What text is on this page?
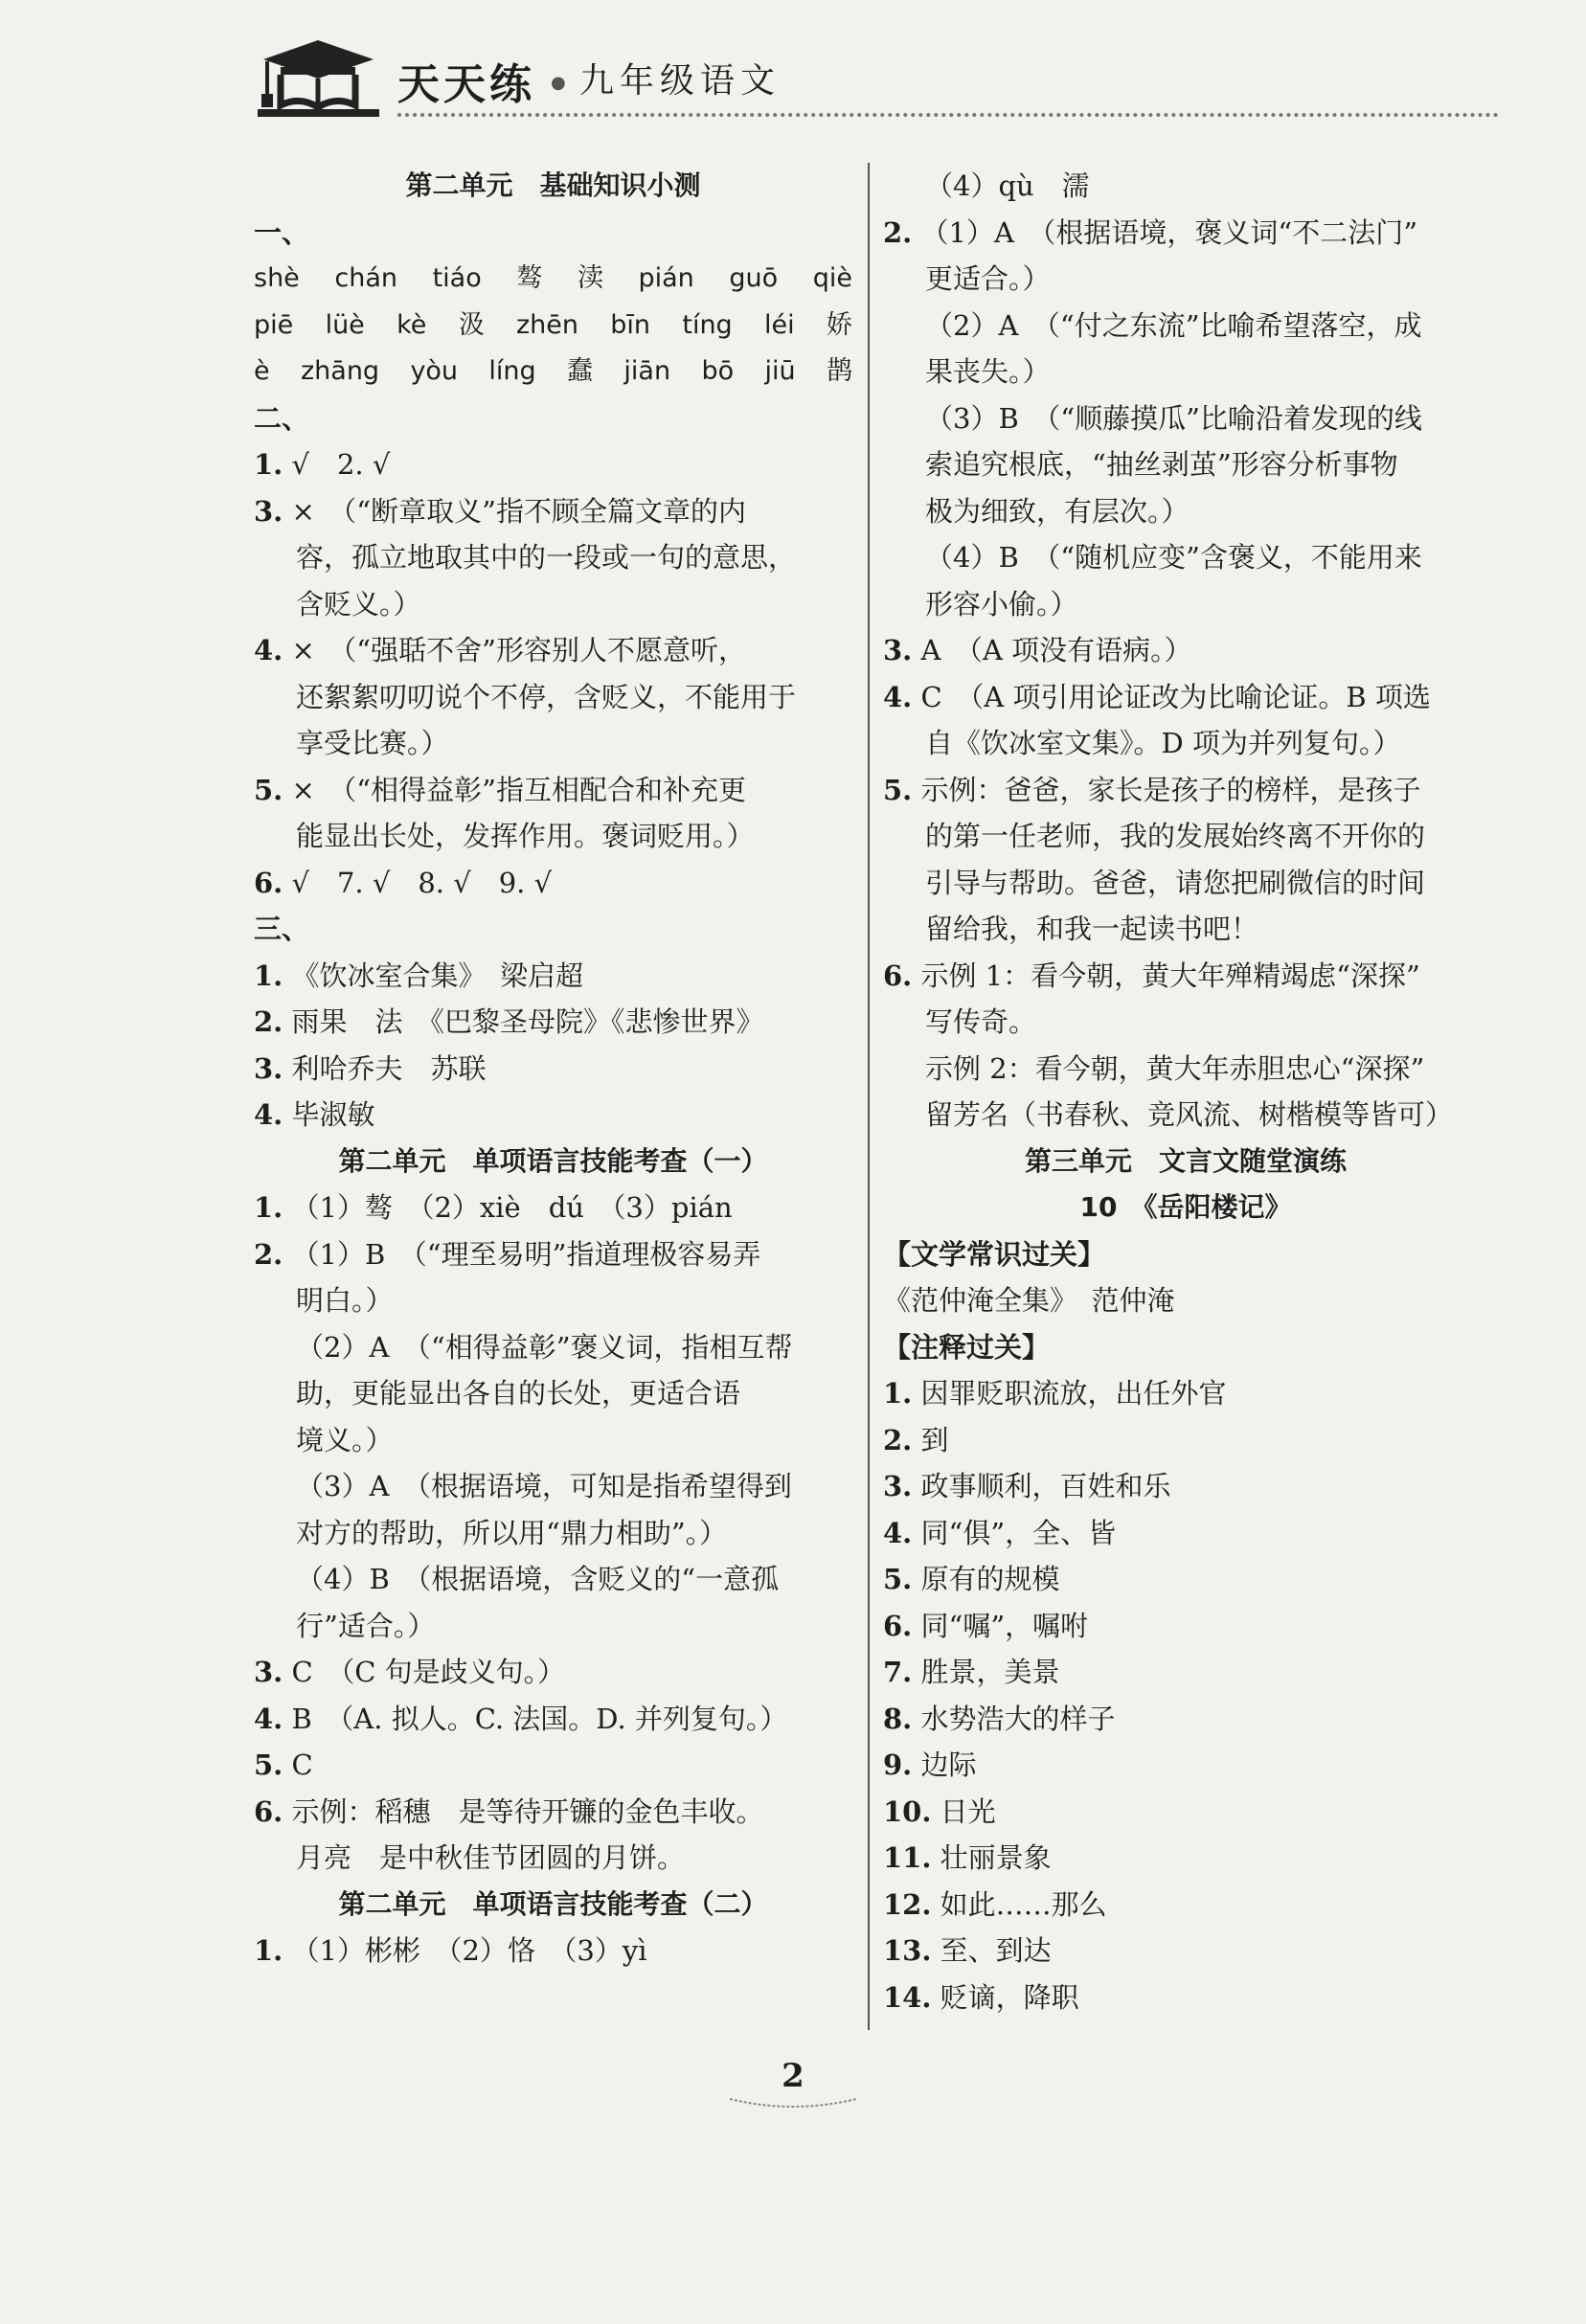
天天练 ● 九年级语文
第二单元　基础知识小测
一、
shè chán tiáo 骜 渎 pián guō qiè
piē lüè kè 汲 zhēn bīn tíng léi 娇
è zhāng yòu líng 蠢 jiān bō jiū 鹊
二、
1. √　2. √
3. ×　（“断章取义”指不顾全篇文章的内
容，孤立地取其中的一段或一句的意思，
含贬义。）
4. ×　（“强聒不舍”形容别人不愿意听，
还絮絮叨叨说个不停，含贬义，不能用于
享受比赛。）
5. ×　（“相得益彰”指互相配合和补充更
能显出长处，发挥作用。褒词贬用。）
6. √　7. √　8. √　9. √
三、
1. 《饮冰室合集》　梁启超
2. 雨果　法　《巴黎圣母院》《悲惨世界》
3. 利哈乔夫　苏联
4. 毕淑敏
第二单元　单项语言技能考查（一）
1. （1）骜　（2）xiè　dú　（3）pián
2. （1）B　（“理至易明”指道理极容易弄
明白。）
（2）A　（“相得益彰”褒义词，指相互帮
助，更能显出各自的长处，更适合语
境义。）
（3）A　（根据语境，可知是指希望得到
对方的帮助，所以用“鼎力相助”。）
（4）B　（根据语境，含贬义的“一意孤
行”适合。）
3. C　（C 句是歧义句。）
4. B　（A. 拟人。C. 法国。D. 并列复句。）
5. C
6. 示例：稻穗　是等待开镰的金色丰收。
月亮　是中秋佳节团圆的月饼。
第二单元　单项语言技能考查（二）
1. （1）彬彬　（2）恪　（3）yì
（4）qù　濡
2. （1）A　（根据语境，褒义词“不二法门”
更适合。）
（2）A　（“付之东流”比喻希望落空，成
果丧失。）
（3）B　（“顺藤摸瓜”比喻沿着发现的线
索追究根底，“抽丝剥茧”形容分析事物
极为细致，有层次。）
（4）B　（“随机应变”含褒义，不能用来
形容小偷。）
3. A　（A 项没有语病。）
4. C　（A 项引用论证改为比喻论证。B 项选
自《饮冰室文集》。D 项为并列复句。）
5. 示例：爸爸，家长是孩子的榜样，是孩子
的第一任老师，我的发展始终离不开你的
引导与帮助。爸爸，请您把刷微信的时间
留给我，和我一起读书吧！
6. 示例 1：看今朝，黄大年殚精竭虑“深探”
写传奇。
示例 2：看今朝，黄大年赤胆忠心“深探”
留芳名（书春秋、竞风流、树楷模等皆可）
第三单元　文言文随堂演练
10　《岳阳楼记》
【文学常识过关】
《范仲淹全集》　范仲淹
【注释过关】
1. 因罪贬职流放，出任外官
2. 到
3. 政事顺利，百姓和乐
4. 同“俱”，全、皆
5. 原有的规模
6. 同“嘱”，嘱咐
7. 胜景，美景
8. 水势浩大的样子
9. 边际
10. 日光
11. 壮丽景象
12. 如此……那么
13. 至、到达
14. 贬谪，降职
2
